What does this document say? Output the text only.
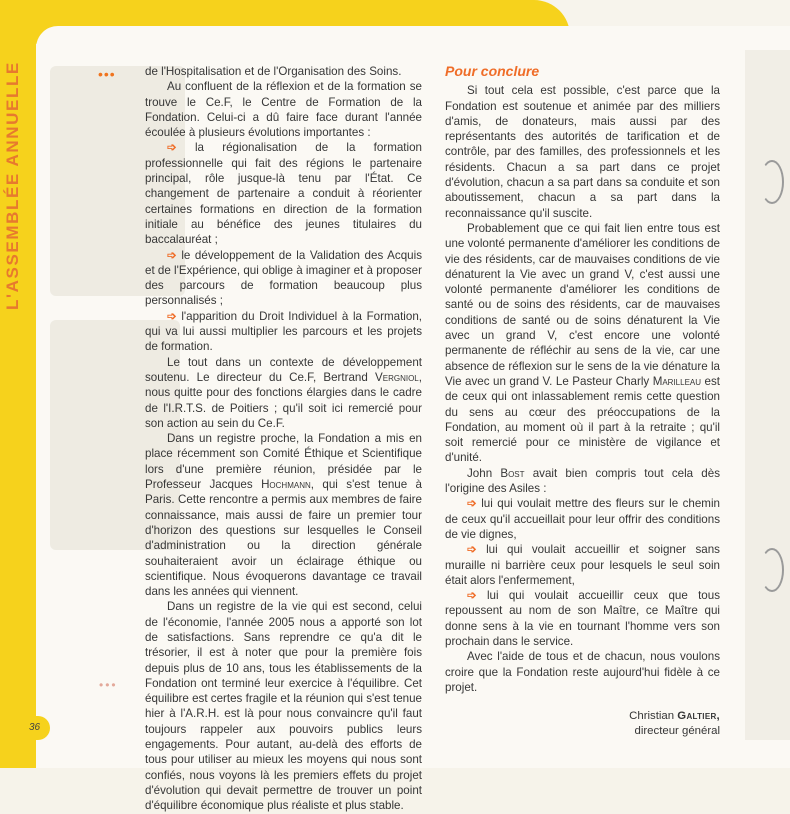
L'ASSEMBLÉE ANNUELLE	•••
•••

de l'Hospitalisation et de l'Organisation des Soins.

Au confluent de la réflexion et de la formation se trouve le Ce.F, le Centre de Formation de la Fondation. Celui-ci a dû faire face durant l'année écoulée à plusieurs évolutions importantes :

➩ la régionalisation de la formation professionnelle qui fait des régions le partenaire principal, rôle jusque-là tenu par l'État. Ce changement de partenaire a conduit à réorienter certaines formations en direction de la formation initiale au bénéfice des jeunes titulaires du baccalauréat ;

➩ le développement de la Validation des Acquis et de l'Expérience, qui oblige à imaginer et à proposer des parcours de formation beaucoup plus personnalisés ;

➩ l'apparition du Droit Individuel à la Formation, qui va lui aussi multiplier les parcours et les projets de formation.

Le tout dans un contexte de développement soutenu. Le directeur du Ce.F, Bertrand Vergniol, nous quitte pour des fonctions élargies dans le cadre de l'I.R.T.S. de Poitiers ; qu'il soit ici remercié pour son action au sein du Ce.F.

Dans un registre proche, la Fondation a mis en place récemment son Comité Éthique et Scientifique lors d'une première réunion, présidée par le Professeur Jacques Hochmann, qui s'est tenue à Paris. Cette rencontre a permis aux membres de faire connaissance, mais aussi de faire un premier tour d'horizon des questions sur lesquelles le Conseil d'administration ou la direction générale souhaiteraient avoir un éclairage éthique ou scientifique. Nous évoquerons davantage ce travail dans les années qui viennent.

Dans un registre de la vie qui est second, celui de l'économie, l'année 2005 nous a apporté son lot de satisfactions. Sans reprendre ce qu'a dit le trésorier, il est à noter que pour la première fois depuis plus de 10 ans, tous les établissements de la Fondation ont terminé leur exercice à l'équilibre. Cet équilibre est certes fragile et la réunion qui s'est tenue hier à l'A.R.H. est là pour nous convaincre qu'il faut toujours rappeler aux pouvoirs publics leurs engagements. Pour autant, au-delà des efforts de tous pour utiliser au mieux les moyens qui nous sont confiés, nous voyons là les premiers effets du projet d'évolution qui devait permettre de trouver un point d'équilibre économique plus réaliste et plus stable.

Pour conclure

Si tout cela est possible, c'est parce que la Fondation est soutenue et animée par des milliers d'amis, de donateurs, mais aussi par des représentants des autorités de tarification et de contrôle, par des familles, des professionnels et les résidents. Chacun a sa part dans ce projet d'évolution, chacun a sa part dans sa conduite et son aboutissement, chacun a sa part dans la reconnaissance qu'il suscite.

Probablement que ce qui fait lien entre tous est une volonté permanente d'améliorer les conditions de vie des résidents, car de mauvaises conditions de vie dénaturent la Vie avec un grand V, c'est aussi une volonté permanente d'améliorer les conditions de santé ou de soins des résidents, car de mauvaises conditions de santé ou de soins dénaturent la Vie avec un grand V, c'est encore une volonté permanente de réfléchir au sens de la vie, car une absence de réflexion sur le sens de la vie dénature la Vie avec un grand V. Le Pasteur Charly Marilleau est de ceux qui ont inlassablement remis cette question du sens au cœur des préoccupations de la Fondation, au moment où il part à la retraite ; qu'il soit remercié pour ce ministère de vigilance et d'unité.

John Bost avait bien compris tout cela dès l'origine des Asiles :

➩ lui qui voulait mettre des fleurs sur le chemin de ceux qu'il accueillait pour leur offrir des conditions de vie dignes,

➩ lui qui voulait accueillir et soigner sans muraille ni barrière ceux pour lesquels le seul soin était alors l'enfermement,

➩ lui qui voulait accueillir ceux que tous repoussent au nom de son Maître, ce Maître qui donne sens à la vie en tournant l'homme vers son prochain dans le service.

Avec l'aide de tous et de chacun, nous voulons croire que la Fondation reste aujourd'hui fidèle à ce projet.

Christian Galtier,
directeur général
36
